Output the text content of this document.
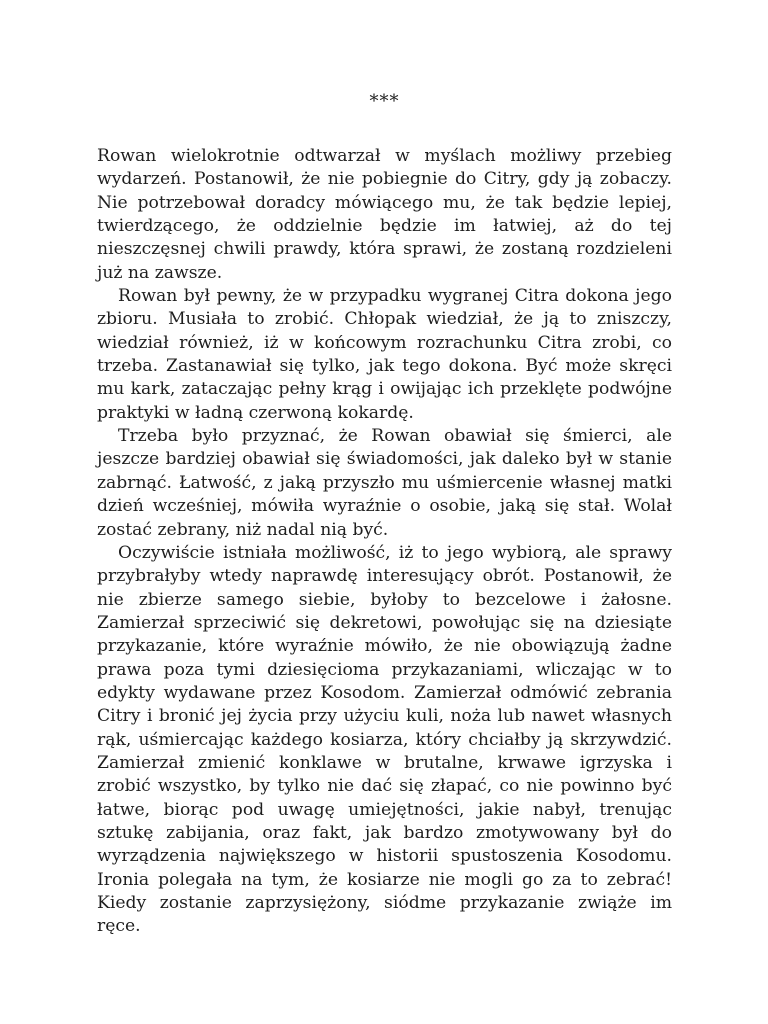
***

Rowan wielokrotnie odtwarzał w myślach możliwy przebieg wydarzeń. Postanowił, że nie pobiegnie do Citry, gdy ją zobaczy. Nie potrzebował doradcy mówiącego mu, że tak będzie lepiej, twierdzącego, że oddzielnie będzie im łatwiej, aż do tej nieszczęsnej chwili prawdy, która sprawi, że zostaną rozdzieleni już na zawsze.

Rowan był pewny, że w przypadku wygranej Citra dokona jego zbioru. Musiała to zrobić. Chłopak wiedział, że ją to zniszczy, wiedział również, iż w końcowym rozrachunku Citra zrobi, co trzeba. Zastanawiał się tylko, jak tego dokona. Być może skręci mu kark, zataczając pełny krąg i owijając ich przeklęte podwójne praktyki w ładną czerwoną kokardę.

Trzeba było przyznać, że Rowan obawiał się śmierci, ale jeszcze bardziej obawiał się świadomości, jak daleko był w stanie zabrnąć. Łatwość, z jaką przyszło mu uśmiercenie własnej matki dzień wcześniej, mówiła wyraźnie o osobie, jaką się stał. Wolał zostać zebrany, niż nadal nią być.

Oczywiście istniała możliwość, iż to jego wybiorą, ale sprawy przybrałyby wtedy naprawdę interesujący obrót. Postanowił, że nie zbierze samego siebie, byłoby to bezcelowe i żałosne. Zamierzał sprzeciwić się dekretowi, powołując się na dziesiąte przykazanie, które wyraźnie mówiło, że nie obowiązują żadne prawa poza tymi dziesięcioma przykazaniami, wliczając w to edykty wydawane przez Kosodom. Zamierzał odmówić zebrania Citry i bronić jej życia przy użyciu kuli, noża lub nawet własnych rąk, uśmiercając każdego kosiarza, który chciałby ją skrzywdzić. Zamierzał zmienić konklawe w brutalne, krwawe igrzyska i zrobić wszystko, by tylko nie dać się złapać, co nie powinno być łatwe, biorąc pod uwagę umiejętności, jakie nabył, trenując sztukę zabijania, oraz fakt, jak bardzo zmotywowany był do wyrządzenia największego w historii spustoszenia Kosodomu. Ironia polegała na tym, że kosiarze nie mogli go za to zebrać! Kiedy zostanie zaprzysiężony, siódme przykazanie zwiąże im ręce.
